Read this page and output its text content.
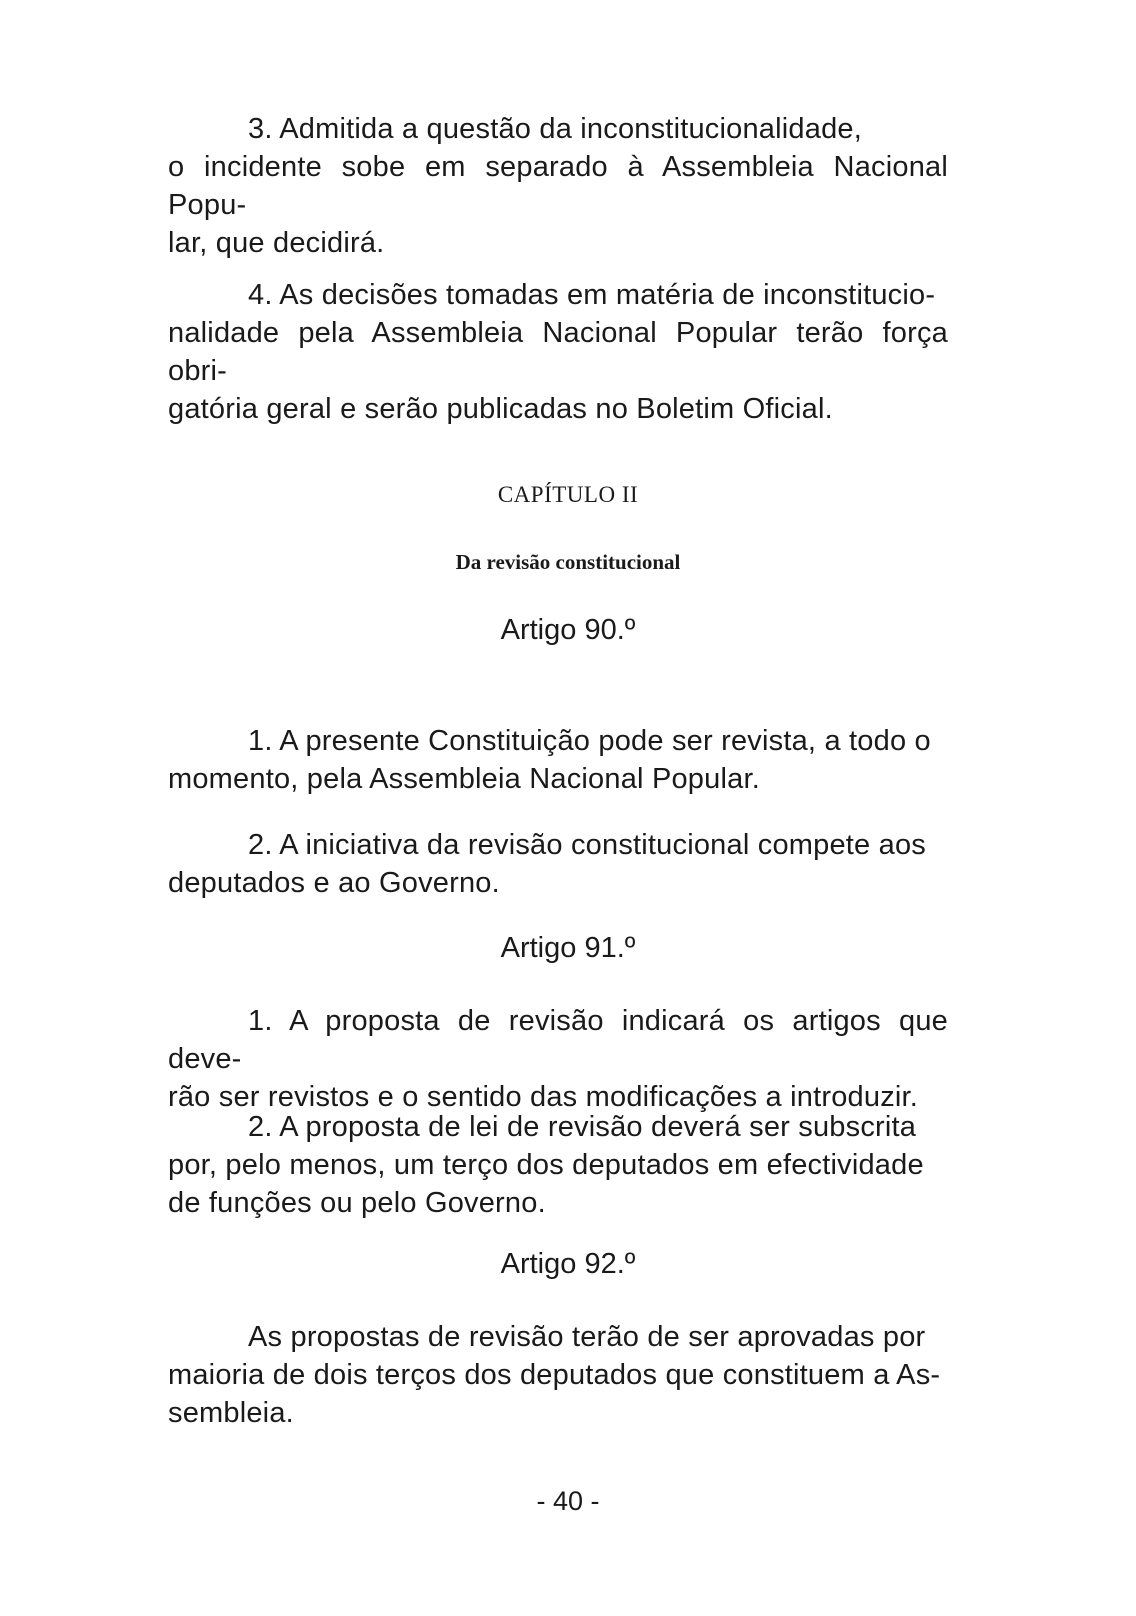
3. Admitida a questão da inconstitucionalidade,
o incidente sobe em separado à Assembleia Nacional Popu-
lar, que decidirá.
4. As decisões tomadas em matéria de inconstitucio-
nalidade pela Assembleia Nacional Popular terão força obri-
gatória geral e serão publicadas no Boletim Oficial.
CAPÍTULO II
Da revisão constitucional
Artigo 90.º
1. A presente Constituição pode ser revista, a todo o
momento, pela Assembleia Nacional Popular.
2. A iniciativa da revisão constitucional compete aos
deputados e ao Governo.
Artigo 91.º
1. A proposta de revisão indicará os artigos que deve-
rão ser revistos e o sentido das modificações a introduzir.
2. A proposta de lei de revisão deverá ser subscrita
por, pelo menos, um terço dos deputados em efectividade
de funções ou pelo Governo.
Artigo 92.º
As propostas de revisão terão de ser aprovadas por
maioria de dois terços dos deputados que constituem a As-
sembleia.
- 40 -
